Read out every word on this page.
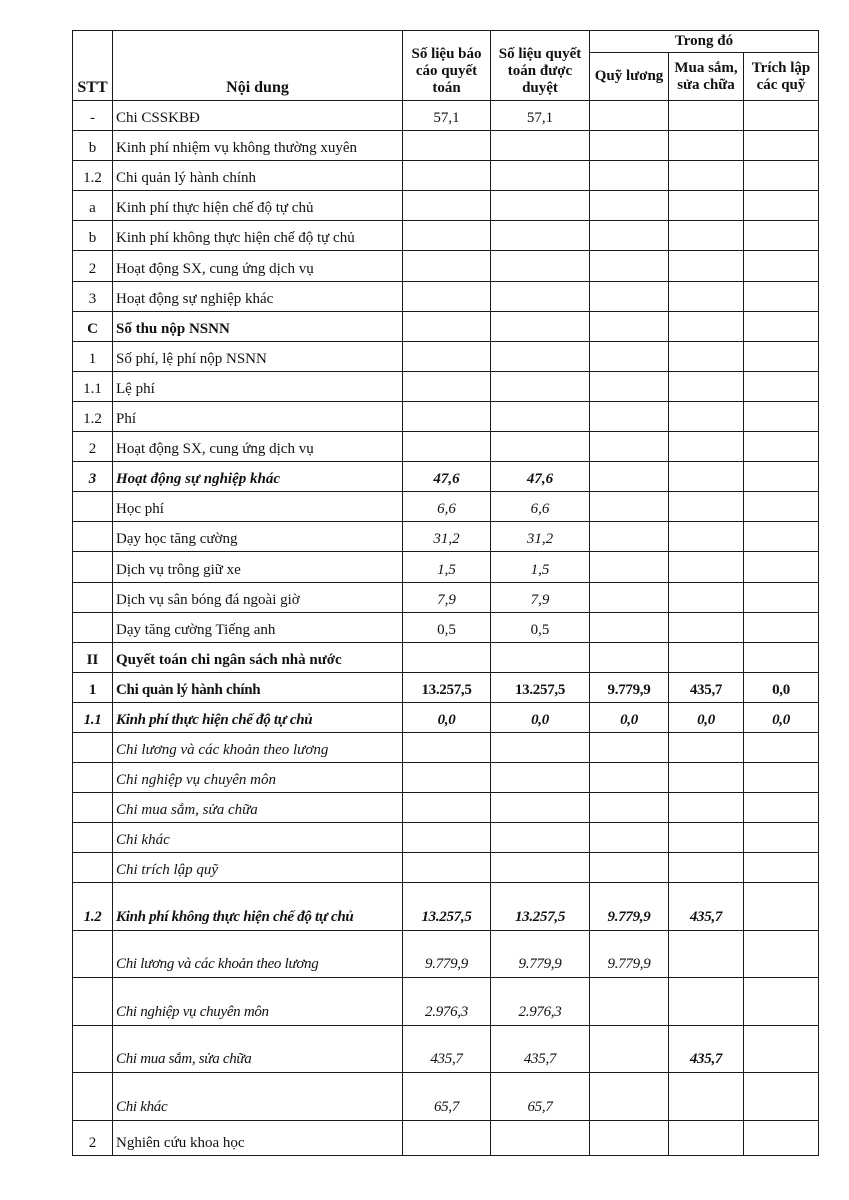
STT	Nội dung	Số liệu báo cáo quyết toán	Số liệu quyết toán được duyệt	Trong đó		
				Quỹ lương	Mua sắm, sửa chữa	Trích lập các quỹ
-	Chi CSSKBĐ	57,1	57,1			
b	Kinh phí nhiệm vụ không thường xuyên					
1.2	Chi quản lý hành chính					
a	Kinh phí thực hiện chế độ tự chủ					
b	Kinh phí không thực hiện chế độ tự chủ					
2	Hoạt động SX, cung ứng dịch vụ					
3	Hoạt động sự nghiệp khác					
C	Số thu nộp NSNN					
1	Số phí, lệ phí nộp NSNN					
1.1	Lệ phí					
1.2	Phí					
2	Hoạt động SX, cung ứng dịch vụ					
3	Hoạt động sự nghiệp khác	47,6	47,6			
	Học phí	6,6	6,6			
	Dạy học tăng cường	31,2	31,2			
	Dịch vụ trông giữ xe	1,5	1,5			
	Dịch vụ sân bóng đá ngoài giờ	7,9	7,9			
	Dạy tăng cường Tiếng anh	0,5	0,5			
II	Quyết toán chi ngân sách nhà nước					
1	Chi quản lý hành chính	13.257,5	13.257,5	9.779,9	435,7	0,0
1.1	Kinh phí thực hiện chế độ tự chủ	0,0	0,0	0,0	0,0	0,0
	Chi lương và các khoản theo lương					
	Chi nghiệp vụ chuyên môn					
	Chi mua sắm, sửa chữa					
	Chi khác					
	Chi trích lập quỹ					
1.2	Kinh phí không thực hiện chế độ tự chủ	13.257,5	13.257,5	9.779,9	435,7	
	Chi lương và các khoản theo lương	9.779,9	9.779,9	9.779,9		
	Chi nghiệp vụ chuyên môn	2.976,3	2.976,3			
	Chi mua sắm, sửa chữa	435,7	435,7		435,7	
	Chi khác	65,7	65,7			
2	Nghiên cứu khoa học					
